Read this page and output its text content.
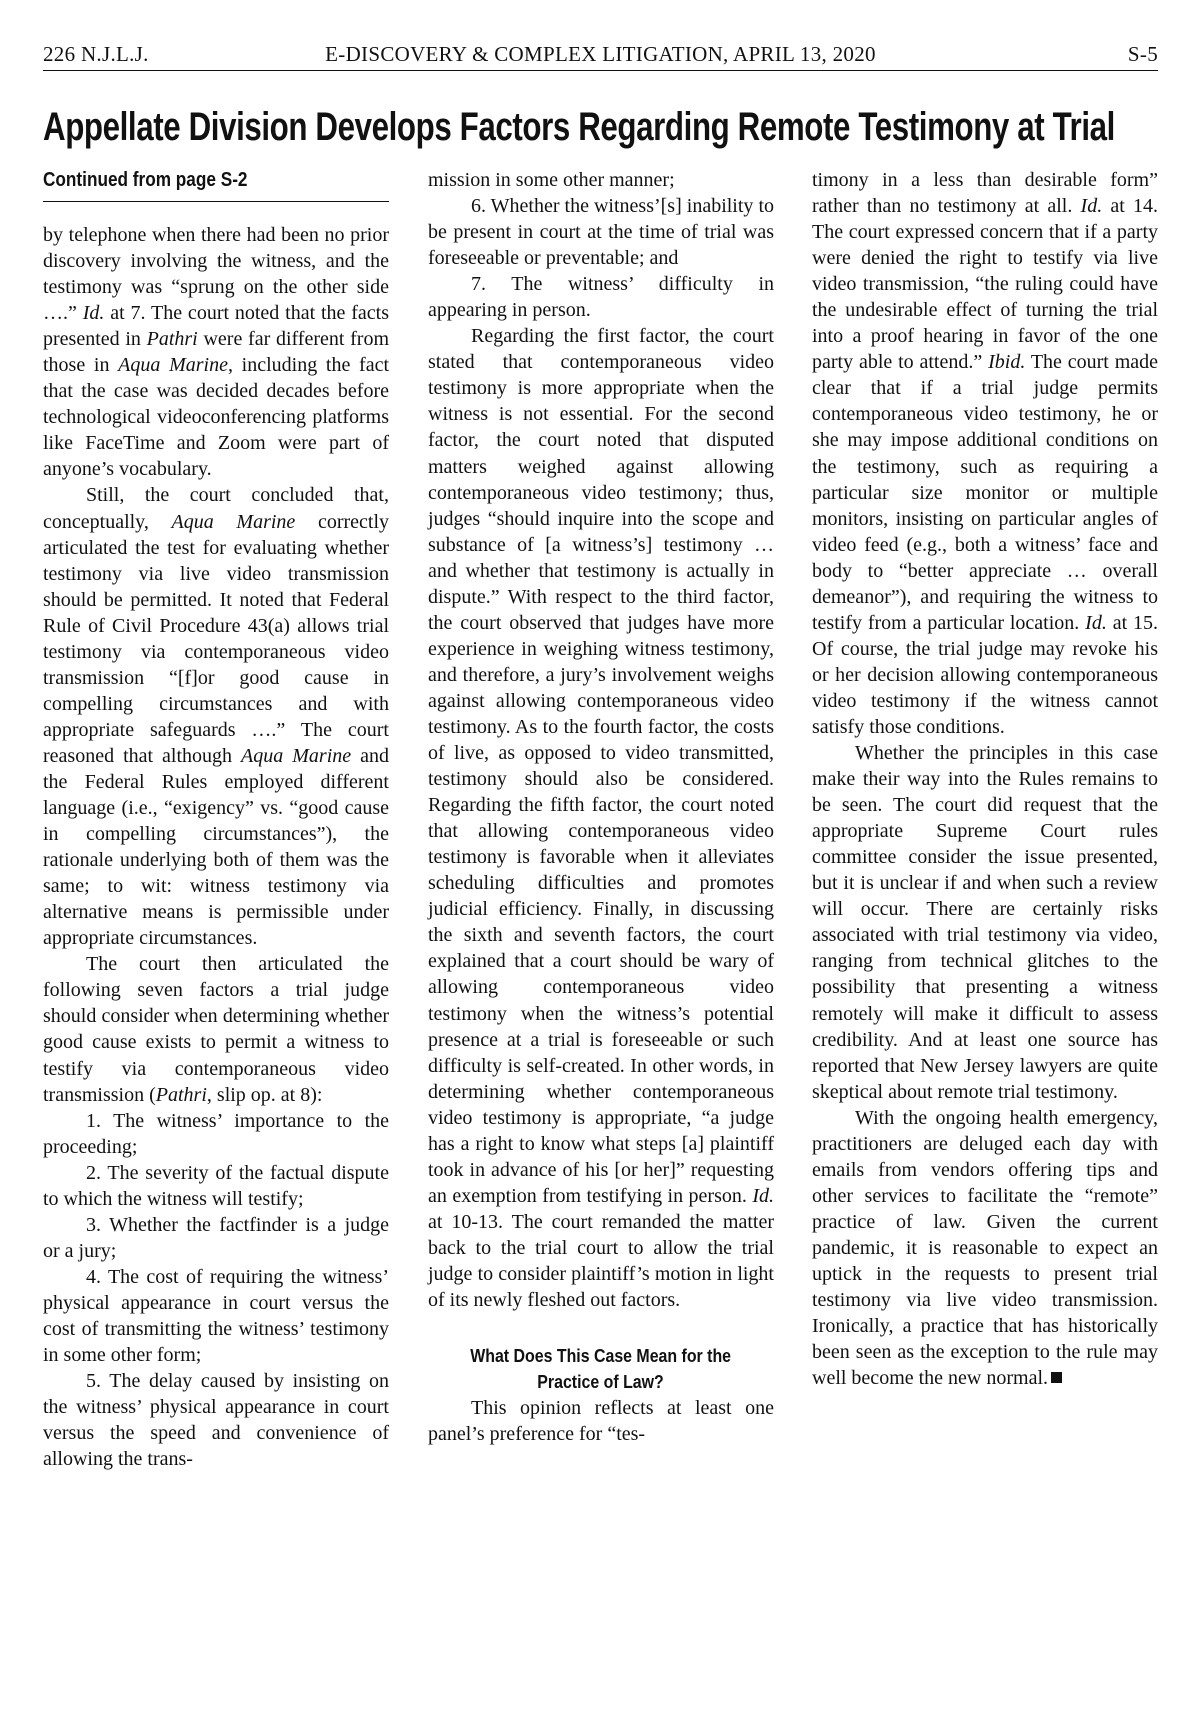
226 N.J.L.J.	E-DISCOVERY & COMPLEX LITIGATION, APRIL 13, 2020	S-5
Appellate Division Develops Factors Regarding Remote Testimony at Trial
Continued from page S-2

by telephone when there had been no prior discovery involving the witness, and the testimony was “sprung on the other side ….” Id. at 7. The court noted that the facts presented in Pathri were far different from those in Aqua Marine, including the fact that the case was decided decades before technological videoconferencing platforms like FaceTime and Zoom were part of anyone’s vocabulary.

Still, the court concluded that, conceptually, Aqua Marine correctly articulated the test for evaluating whether testimony via live video transmission should be permitted. It noted that Federal Rule of Civil Procedure 43(a) allows trial testimony via contemporaneous video transmission “[f]or good cause in compelling circumstances and with appropriate safeguards ….” The court reasoned that although Aqua Marine and the Federal Rules employed different language (i.e., “exigency” vs. “good cause in compelling circumstances”), the rationale underlying both of them was the same; to wit: witness testimony via alternative means is permissible under appropriate circumstances.

The court then articulated the following seven factors a trial judge should consider when determining whether good cause exists to permit a witness to testify via contemporaneous video transmission (Pathri, slip op. at 8):

1. The witness’ importance to the proceeding;

2. The severity of the factual dispute to which the witness will testify;

3. Whether the factfinder is a judge or a jury;

4. The cost of requiring the witness’ physical appearance in court versus the cost of transmitting the witness’ testimony in some other form;

5. The delay caused by insisting on the witness’ physical appearance in court versus the speed and convenience of allowing the trans-

mission in some other manner;

6. Whether the witness’[s] inability to be present in court at the time of trial was foreseeable or preventable; and

7. The witness’ difficulty in appearing in person.

Regarding the first factor, the court stated that contemporaneous video testimony is more appropriate when the witness is not essential. For the second factor, the court noted that disputed matters weighed against allowing contemporaneous video testimony; thus, judges “should inquire into the scope and substance of [a witness’s] testimony … and whether that testimony is actually in dispute.” With respect to the third factor, the court observed that judges have more experience in weighing witness testimony, and therefore, a jury’s involvement weighs against allowing contemporaneous video testimony. As to the fourth factor, the costs of live, as opposed to video transmitted, testimony should also be considered. Regarding the fifth factor, the court noted that allowing contemporaneous video testimony is favorable when it alleviates scheduling difficulties and promotes judicial efficiency. Finally, in discussing the sixth and seventh factors, the court explained that a court should be wary of allowing contemporaneous video testimony when the witness’s potential presence at a trial is foreseeable or such difficulty is self-created. In other words, in determining whether contemporaneous video testimony is appropriate, “a judge has a right to know what steps [a] plaintiff took in advance of his [or her]” requesting an exemption from testifying in person. Id. at 10-13. The court remanded the matter back to the trial court to allow the trial judge to consider plaintiff’s motion in light of its newly fleshed out factors.

What Does This Case Mean for the
Practice of Law?

This opinion reflects at least one panel’s preference for “tes-

timony in a less than desirable form” rather than no testimony at all. Id. at 14. The court expressed concern that if a party were denied the right to testify via live video transmission, “the ruling could have the undesirable effect of turning the trial into a proof hearing in favor of the one party able to attend.” Ibid. The court made clear that if a trial judge permits contemporaneous video testimony, he or she may impose additional conditions on the testimony, such as requiring a particular size monitor or multiple monitors, insisting on particular angles of video feed (e.g., both a witness’ face and body to “better appreciate … overall demeanor”), and requiring the witness to testify from a particular location. Id. at 15. Of course, the trial judge may revoke his or her decision allowing contemporaneous video testimony if the witness cannot satisfy those conditions.

Whether the principles in this case make their way into the Rules remains to be seen. The court did request that the appropriate Supreme Court rules committee consider the issue presented, but it is unclear if and when such a review will occur. There are certainly risks associated with trial testimony via video, ranging from technical glitches to the possibility that presenting a witness remotely will make it difficult to assess credibility. And at least one source has reported that New Jersey lawyers are quite skeptical about remote trial testimony.

With the ongoing health emergency, practitioners are deluged each day with emails from vendors offering tips and other services to facilitate the “remote” practice of law. Given the current pandemic, it is reasonable to expect an uptick in the requests to present trial testimony via live video transmission. Ironically, a practice that has historically been seen as the exception to the rule may well become the new normal.
